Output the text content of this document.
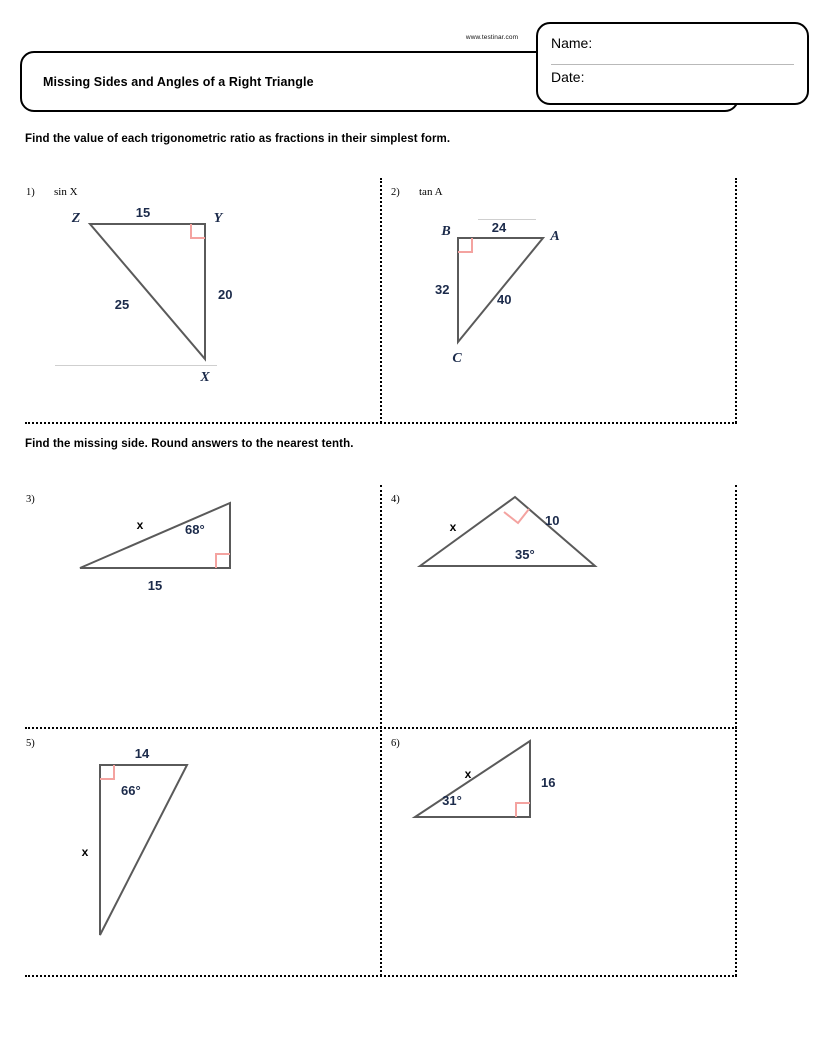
Missing Sides and Angles of a Right Triangle
www.testinar.com	Name:
Date:
Find the value of each trigonometric ratio as fractions in their simplest form.
Find the missing side. Round answers to the nearest tenth.
1) sin X
Z	Y
X
15
20
25
2) tan A
B	A
C
24
32
40
3)
x	68°
15
4)
x	10
35°
5)
14
66°
x
6)
x
16
31°
